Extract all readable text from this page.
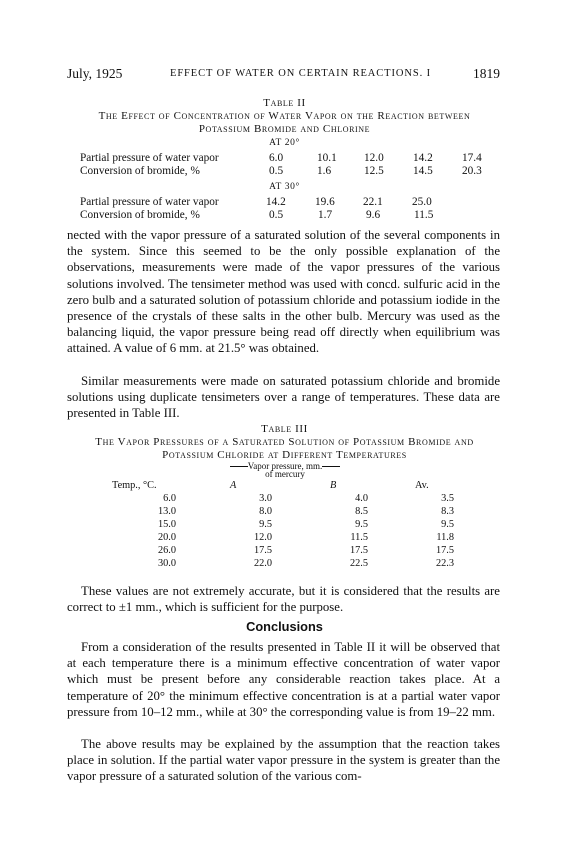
July, 1925	EFFECT OF WATER ON CERTAIN REACTIONS. I	1819
Table II
The Effect of Concentration of Water Vapor on the Reaction between
Potassium Bromide and Chlorine
AT 20°
Partial pressure of water vapor	6.0	10.1 12.0	14.2	17.4
Conversion of bromide, %	0.5	1.6	12.5	14.5	20.3
AT 30°
Partial pressure of water vapor	14.2	19.6 22.1	25.0
Conversion of bromide, %	0.5	1.7	9.6	11.5

nected with the vapor pressure of a saturated solution of the several components in the system. Since this seemed to be the only possible explanation of the observations, measurements were made of the vapor pressures of the various solutions involved. The tensimeter method was used with concd. sulfuric acid in the zero bulb and a saturated solution of potassium chloride and potassium iodide in the presence of the crystals of these salts in the other bulb. Mercury was used as the balancing liquid, the vapor pressure being read off directly when equilibrium was attained. A value of 6 mm. at 21.5° was obtained.

Similar measurements were made on saturated potassium chloride and bromide solutions using duplicate tensimeters over a range of temperatures. These data are presented in Table III.

Table III
The Vapor Pressures of a Saturated Solution of Potassium Bromide and
Potassium Chloride at Different Temperatures
Vapor pressure, mm.
of mercury
Temp., °C.	A	B	Av.
6.0	3.0	4.0	3.5
13.0	8.0	8.5	8.3
15.0	9.5	9.5	9.5
20.0	12.0	11.5	11.8
26.0	17.5	17.5	17.5
30.0	22.0	22.5	22.3

These values are not extremely accurate, but it is considered that the results are correct to ±1 mm., which is sufficient for the purpose.

Conclusions

From a consideration of the results presented in Table II it will be observed that at each temperature there is a minimum effective concentration of water vapor which must be present before any considerable reaction takes place. At a temperature of 20° the minimum effective concentration is at a partial water vapor pressure from 10–12 mm., while at 30° the corresponding value is from 19–22 mm.

The above results may be explained by the assumption that the reaction takes place in solution. If the partial water vapor pressure in the system is greater than the vapor pressure of a saturated solution of the various com-
